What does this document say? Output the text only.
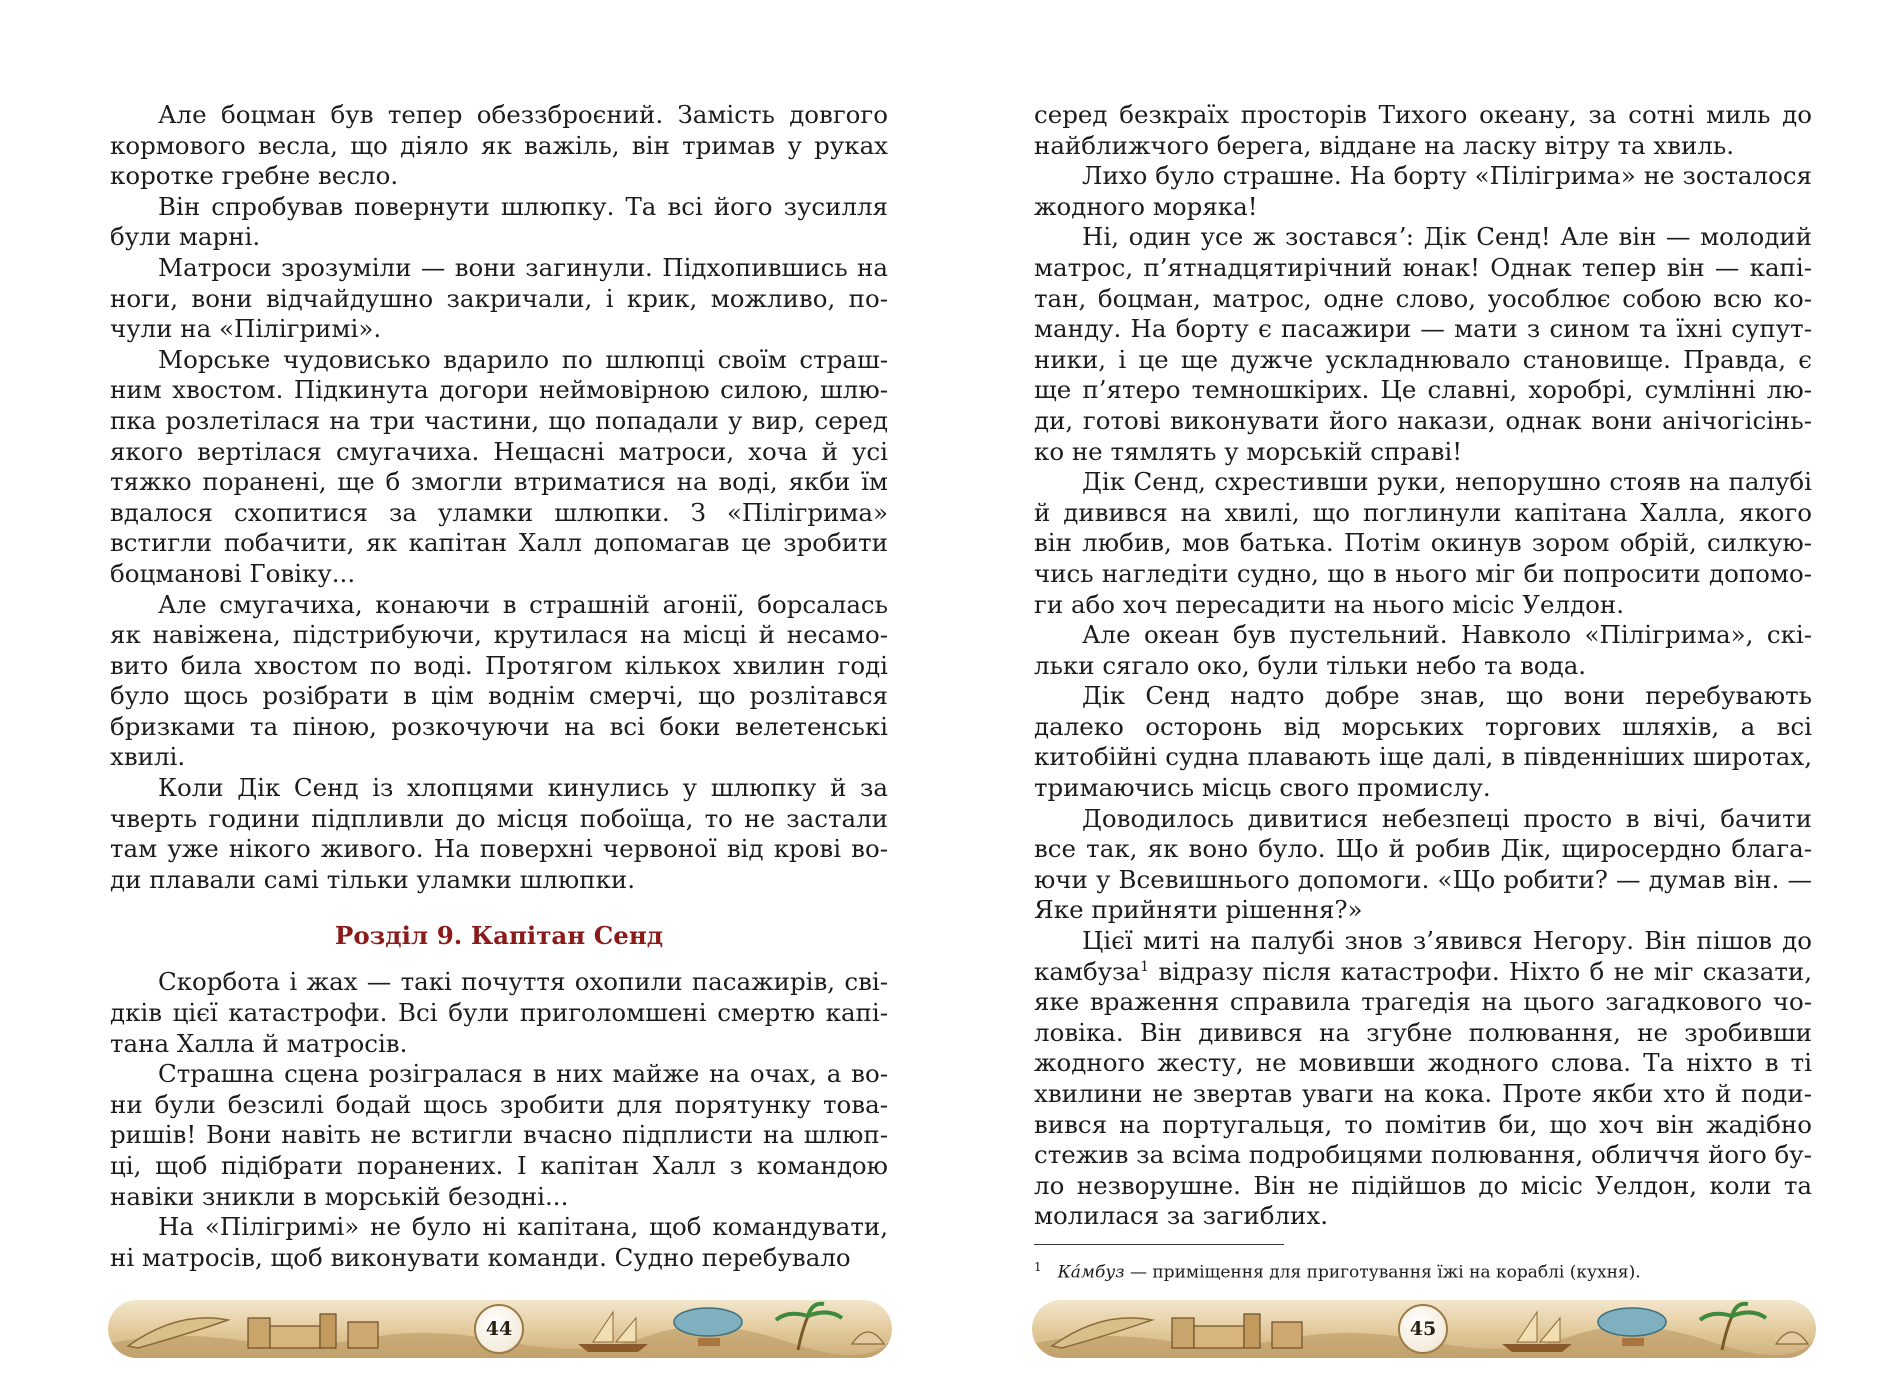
Але боцман був тепер обеззброєний. Замість довгого кормового весла, що діяло як важіль, він тримав у руках коротке гребне весло.

Він спробував повернути шлюпку. Та всі його зусилля були марні.

Матроси зрозуміли — вони загинули. Підхопившись на ноги, вони відчайдушно закричали, і крик, можливо, почули на «Пілігримі».

Морське чудовисько вдарило по шлюпці своїм страшним хвостом. Підкинута догори неймовірною силою, шлюпка розлетілася на три частини, що попадали у вир, серед якого вертілася смугачиха. Нещасні матроси, хоча й усі тяжко поранені, ще б змогли втриматися на воді, якби їм вдалося схопитися за уламки шлюпки. З «Пілігрима» встигли побачити, як капітан Халл допомагав це зробити боцманові Говіку...

Але смугачиха, конаючи в страшній агонії, борсалась як навіжена, підстрибуючи, крутилася на місці й несамовито била хвостом по воді. Протягом кількох хвилин годі було щось розібрати в цім воднім смерчі, що розлітався бризками та піною, розкочуючи на всі боки велетенські хвилі.

Коли Дік Сенд із хлопцями кинулись у шлюпку й за чверть години підпливли до місця побоїща, то не застали там уже нікого живого. На поверхні червоної від крові води плавали самі тільки уламки шлюпки.

Розділ 9. Капітан Сенд

Скорбота і жах — такі почуття охопили пасажирів, свідків цієї катастрофи. Всі були приголомшені смертю капітана Халла й матросів.

Страшна сцена розігралася в них майже на очах, а вони були безсилі бодай щось зробити для порятунку товаришів! Вони навіть не встигли вчасно підплисти на шлюпці, щоб підібрати поранених. І капітан Халл з командою навіки зникли в морській безодні...

На «Пілігримі» не було ні капітана, щоб командувати, ні матросів, щоб виконувати команди. Судно перебувало

44

серед безкраїх просторів Тихого океану, за сотні миль до найближчого берега, віддане на ласку вітру та хвиль.

Лихо було страшне. На борту «Пілігрима» не зосталося жодного моряка!

Ні, один усе ж зоставсяʼ: Дік Сенд! Але він — молодий матрос, п’ятнадцятирічний юнак! Однак тепер він — капітан, боцман, матрос, одне слово, уособлює собою всю команду. На борту є пасажири — мати з сином та їхні супутники, і це ще дужче ускладнювало становище. Правда, є ще п’ятеро темношкірих. Це славні, хоробрі, сумлінні люди, готові виконувати його накази, однак вони анічогісінько не тямлять у морській справі!

Дік Сенд, схрестивши руки, непорушно стояв на палубі й дивився на хвилі, що поглинули капітана Халла, якого він любив, мов батька. Потім окинув зором обрій, силкуючись нагледіти судно, що в нього міг би попросити допомоги або хоч пересадити на нього місіс Уелдон.

Але океан був пустельний. Навколо «Пілігрима», скільки сягало око, були тільки небо та вода.

Дік Сенд надто добре знав, що вони перебувають далеко осторонь від морських торгових шляхів, а всі китобійні судна плавають іще далі, в південніших широтах, тримаючись місць свого промислу.

Доводилось дивитися небезпеці просто в вічі, бачити все так, як воно було. Що й робив Дік, щиросердно благаючи у Всевишнього допомоги. «Що робити? — думав він. — Яке прийняти рішення?»

Цієї миті на палубі знов з’явився Негору. Він пішов до камбуза$^1$ відразу після катастрофи. Ніхто б не міг сказати, яке враження справила трагедія на цього загадкового чоловіка. Він дивився на згубне полювання, не зробивши жодного жесту, не мовивши жодного слова. Та ніхто в ті хвилини не звертав уваги на кока. Проте якби хто й подивився на португальця, то помітив би, що хоч він жадібно стежив за всіма подробицями полювання, обличчя його було незворушне. Він не підійшов до місіс Уелдон, коли та молилася за загиблих.

$^1$ Ка́мбуз — приміщення для приготування їжі на кораблі (кухня).
45
